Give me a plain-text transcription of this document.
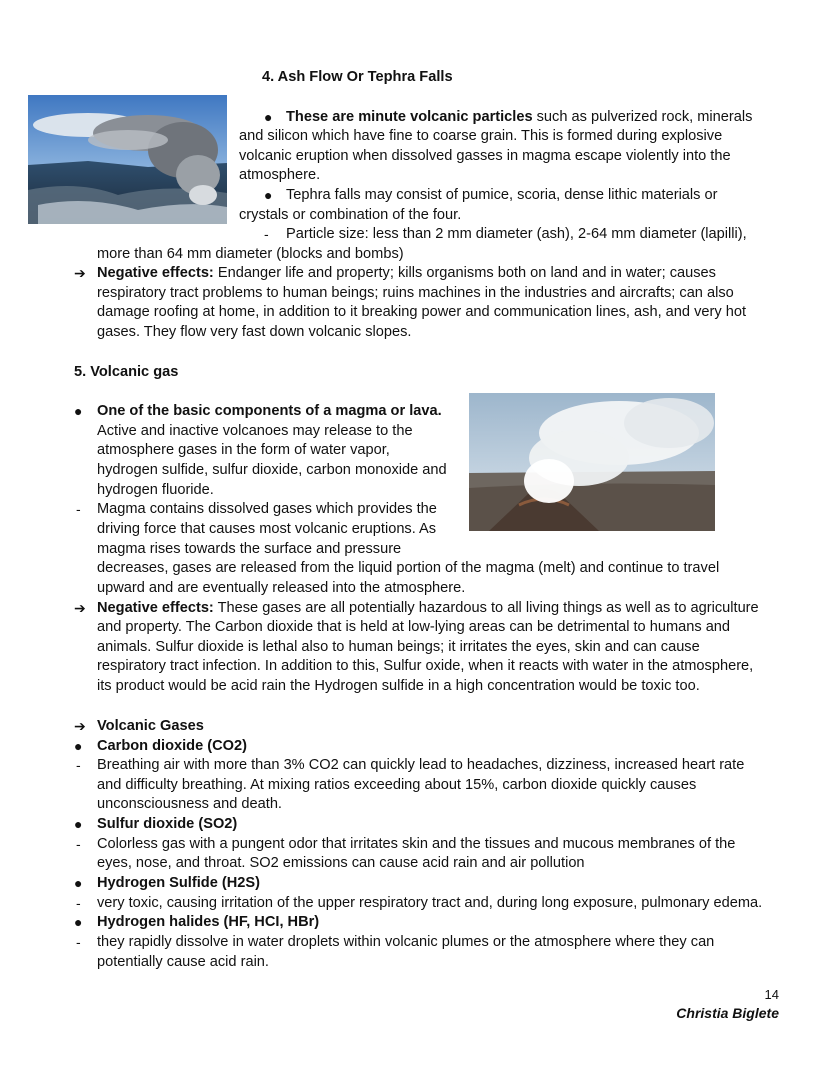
4. Ash Flow Or Tephra Falls
● These are minute volcanic particles such as pulverized rock, minerals
and silicon which have fine to coarse grain. This is formed during explosive
volcanic eruption when dissolved gasses in magma escape violently into the
atmosphere.
● Tephra falls may consist of pumice, scoria, dense lithic materials or
crystals or combination of the four.
- Particle size: less than 2 mm diameter (ash), 2-64 mm diameter (lapilli),
more than 64 mm diameter (blocks and bombs)
➔ Negative effects: Endanger life and property; kills organisms both on land and in water; causes
respiratory tract problems to human beings; ruins machines in the industries and aircrafts; can also
damage roofing at home, in addition to it breaking power and communication lines, ash, and very hot
gases. They flow very fast down volcanic slopes.
5. Volcanic gas
● One of the basic components of a magma or lava.
Active and inactive volcanoes may release to the
atmosphere gases in the form of water vapor,
hydrogen sulfide, sulfur dioxide, carbon monoxide and
hydrogen fluoride.
- Magma contains dissolved gases which provides the
driving force that causes most volcanic eruptions. As
magma rises towards the surface and pressure
decreases, gases are released from the liquid portion of the magma (melt) and continue to travel
upward and are eventually released into the atmosphere.
➔ Negative effects: These gases are all potentially hazardous to all living things as well as to agriculture
and property. The Carbon dioxide that is held at low-lying areas can be detrimental to humans and
animals. Sulfur dioxide is lethal also to human beings; it irritates the eyes, skin and can cause
respiratory tract infection. In addition to this, Sulfur oxide, when it reacts with water in the atmosphere,
its product would be acid rain the Hydrogen sulfide in a high concentration would be toxic too.
➔ Volcanic Gases
● Carbon dioxide (CO2)
- Breathing air with more than 3% CO2 can quickly lead to headaches, dizziness, increased heart rate
and difficulty breathing. At mixing ratios exceeding about 15%, carbon dioxide quickly causes
unconsciousness and death.
● Sulfur dioxide (SO2)
- Colorless gas with a pungent odor that irritates skin and the tissues and mucous membranes of the
eyes, nose, and throat. SO2 emissions can cause acid rain and air pollution
● Hydrogen Sulfide (H2S)
- very toxic, causing irritation of the upper respiratory tract and, during long exposure, pulmonary edema.
● Hydrogen halides (HF, HCI, HBr)
- they rapidly dissolve in water droplets within volcanic plumes or the atmosphere where they can
potentially cause acid rain.
14
Christia Biglete
